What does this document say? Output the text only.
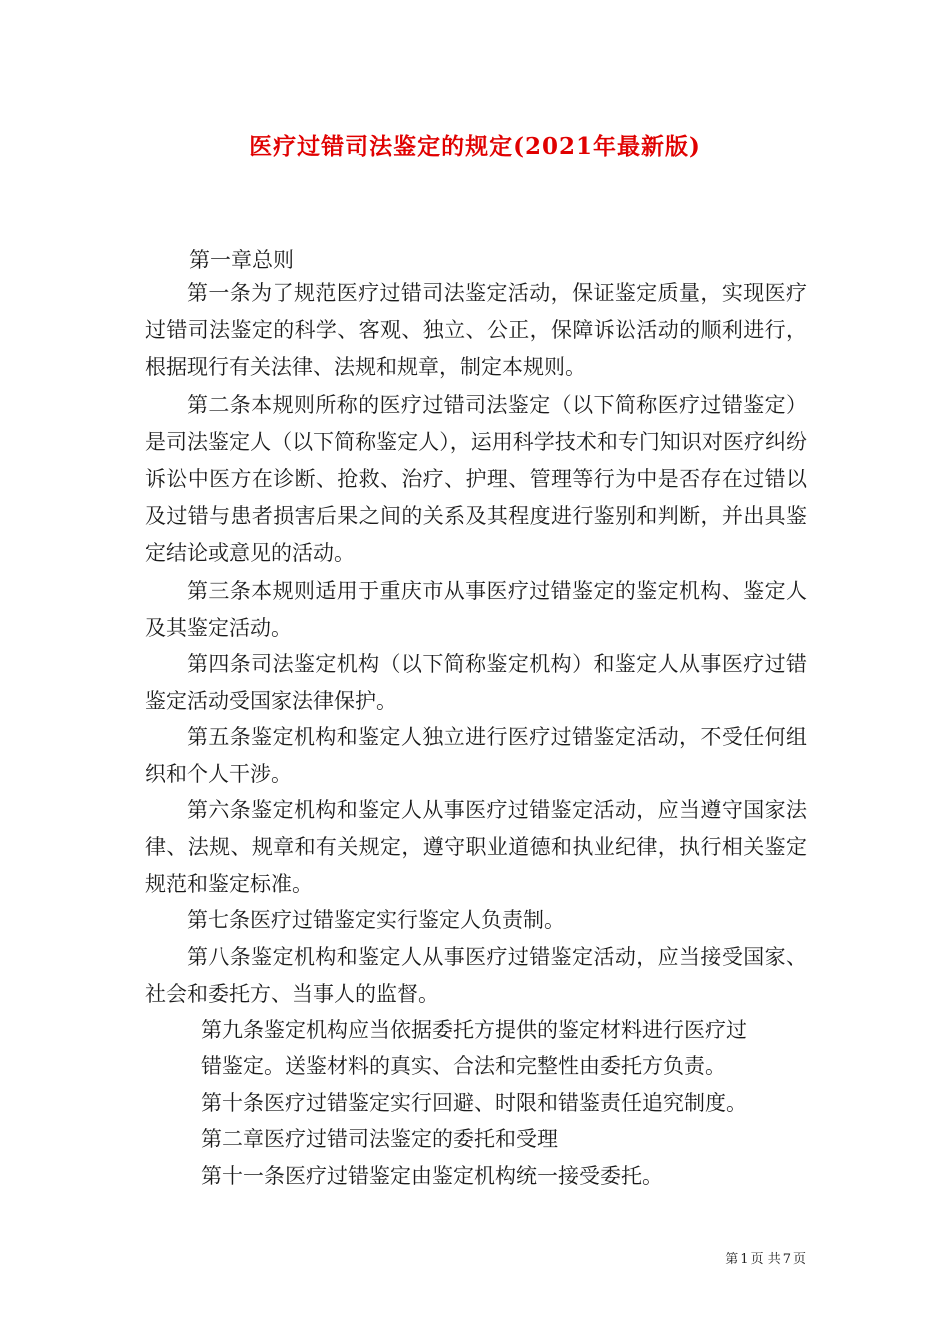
医疗过错司法鉴定的规定(2021年最新版)
第一章总则

第一条为了规范医疗过错司法鉴定活动，保证鉴定质量，实现医疗过错司法鉴定的科学、客观、独立、公正，保障诉讼活动的顺利进行，根据现行有关法律、法规和规章，制定本规则。

第二条本规则所称的医疗过错司法鉴定（以下简称医疗过错鉴定）是司法鉴定人（以下简称鉴定人），运用科学技术和专门知识对医疗纠纷诉讼中医方在诊断、抢救、治疗、护理、管理等行为中是否存在过错以及过错与患者损害后果之间的关系及其程度进行鉴别和判断，并出具鉴定结论或意见的活动。

第三条本规则适用于重庆市从事医疗过错鉴定的鉴定机构、鉴定人及其鉴定活动。

第四条司法鉴定机构（以下简称鉴定机构）和鉴定人从事医疗过错鉴定活动受国家法律保护。

第五条鉴定机构和鉴定人独立进行医疗过错鉴定活动，不受任何组织和个人干涉。

第六条鉴定机构和鉴定人从事医疗过错鉴定活动，应当遵守国家法律、法规、规章和有关规定，遵守职业道德和执业纪律，执行相关鉴定规范和鉴定标准。

第七条医疗过错鉴定实行鉴定人负责制。

第八条鉴定机构和鉴定人从事医疗过错鉴定活动，应当接受国家、社会和委托方、当事人的监督。

第九条鉴定机构应当依据委托方提供的鉴定材料进行医疗过
错鉴定。送鉴材料的真实、合法和完整性由委托方负责。
第十条医疗过错鉴定实行回避、时限和错鉴责任追究制度。
第二章医疗过错司法鉴定的委托和受理
第十一条医疗过错鉴定由鉴定机构统一接受委托。
第 1 页 共 7 页
